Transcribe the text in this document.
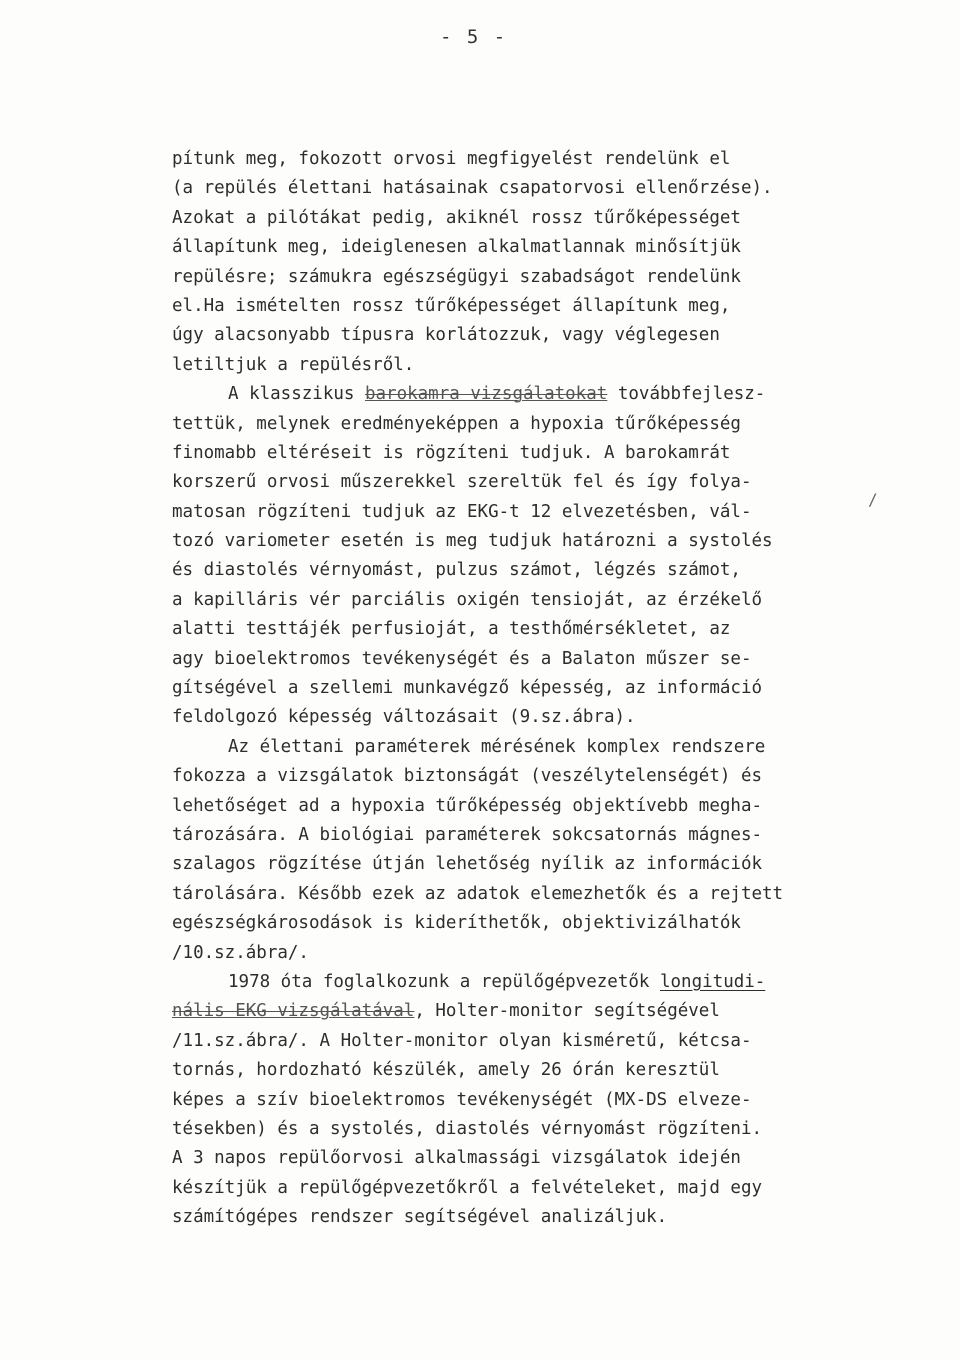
- 5 -
/
pítunk meg, fokozott orvosi megfigyelést rendelünk el
(a repülés élettani hatásainak csapatorvosi ellenőrzése).
Azokat a pilótákat pedig, akiknél rossz tűrőképességet
állapítunk meg, ideiglenesen alkalmatlannak minősítjük
repülésre; számukra egészségügyi szabadságot rendelünk
el.Ha ismételten rossz tűrőképességet állapítunk meg,
úgy alacsonyabb típusra korlátozzuk, vagy véglegesen
letiltjuk a repülésről.
A klasszikus barokamra vizsgálatokat továbbfejlesz-
tettük, melynek eredményeképpen a hypoxia tűrőképesség
finomabb eltéréseit is rögzíteni tudjuk. A barokamrát
korszerű orvosi műszerekkel szereltük fel és így folya-
matosan rögzíteni tudjuk az EKG-t 12 elvezetésben, vál-
tozó variometer esetén is meg tudjuk határozni a systolés
és diastolés vérnyomást, pulzus számot, légzés számot,
a kapilláris vér parciális oxigén tensioját, az érzékelő
alatti testtájék perfusioját, a testhőmérsékletet, az
agy bioelektromos tevékenységét és a Balaton műszer se-
gítségével a szellemi munkavégző képesség, az információ
feldolgozó képesség változásait (9.sz.ábra).
Az élettani paraméterek mérésének komplex rendszere
fokozza a vizsgálatok biztonságát (veszélytelenségét) és
lehetőséget ad a hypoxia tűrőképesség objektívebb megha-
tározására. A biológiai paraméterek sokcsatornás mágnes-
szalagos rögzítése útján lehetőség nyílik az információk
tárolására. Később ezek az adatok elemezhetők és a rejtett
egészségkárosodások is kideríthetők, objektivizálhatók
/10.sz.ábra/.
1978 óta foglalkozunk a repülőgépvezetők longitudi-
nális EKG vizsgálatával, Holter-monitor segítségével
/11.sz.ábra/. A Holter-monitor olyan kisméretű, kétcsa-
tornás, hordozható készülék, amely 26 órán keresztül
képes a szív bioelektromos tevékenységét (MX-DS elveze-
tésekben) és a systolés, diastolés vérnyomást rögzíteni.
A 3 napos repülőorvosi alkalmassági vizsgálatok idején
készítjük a repülőgépvezetőkről a felvételeket, majd egy
számítógépes rendszer segítségével analizáljuk.
